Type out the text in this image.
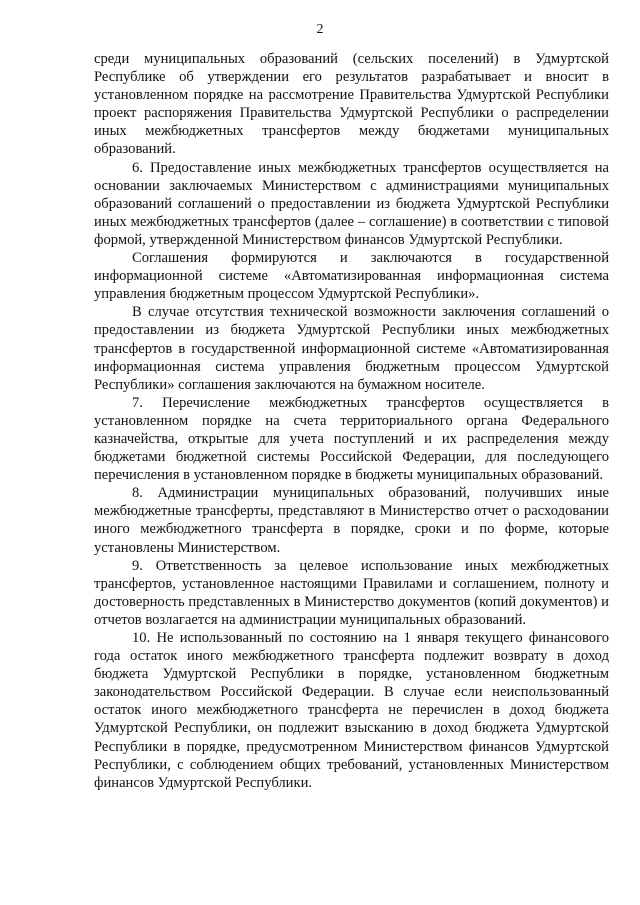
2

среди муниципальных образований (сельских поселений) в Удмуртской Республике об утверждении его результатов разрабатывает и вносит в установленном порядке на рассмотрение Правительства Удмуртской Республики проект распоряжения Правительства Удмуртской Республики о распределении иных межбюджетных трансфертов между бюджетами муниципальных образований.

6. Предоставление иных межбюджетных трансфертов осуществляется на основании заключаемых Министерством с администрациями муниципальных образований соглашений о предоставлении из бюджета Удмуртской Республики иных межбюджетных трансфертов (далее – соглашение) в соответствии с типовой формой, утвержденной Министерством финансов Удмуртской Республики.

Соглашения формируются и заключаются в государственной информационной системе «Автоматизированная информационная система управления бюджетным процессом Удмуртской Республики».

В случае отсутствия технической возможности заключения соглашений о предоставлении из бюджета Удмуртской Республики иных межбюджетных трансфертов в государственной информационной системе «Автоматизированная информационная система управления бюджетным процессом Удмуртской Республики» соглашения заключаются на бумажном носителе.

7. Перечисление межбюджетных трансфертов осуществляется в установленном порядке на счета территориального органа Федерального казначейства, открытые для учета поступлений и их распределения между бюджетами бюджетной системы Российской Федерации, для последующего перечисления в установленном порядке в бюджеты муниципальных образований.

8. Администрации муниципальных образований, получивших иные межбюджетные трансферты, представляют в Министерство отчет о расходовании иного межбюджетного трансферта в порядке, сроки и по форме, которые установлены Министерством.

9. Ответственность за целевое использование иных межбюджетных трансфертов, установленное настоящими Правилами и соглашением, полноту и достоверность представленных в Министерство документов (копий документов) и отчетов возлагается на администрации муниципальных образований.

10. Не использованный по состоянию на 1 января текущего финансового года остаток иного межбюджетного трансферта подлежит возврату в доход бюджета Удмуртской Республики в порядке, установленном бюджетным законодательством Российской Федерации. В случае если неиспользованный остаток иного межбюджетного трансферта не перечислен в доход бюджета Удмуртской Республики, он подлежит взысканию в доход бюджета Удмуртской Республики в порядке, предусмотренном Министерством финансов Удмуртской Республики, с соблюдением общих требований, установленных Министерством финансов Удмуртской Республики.
